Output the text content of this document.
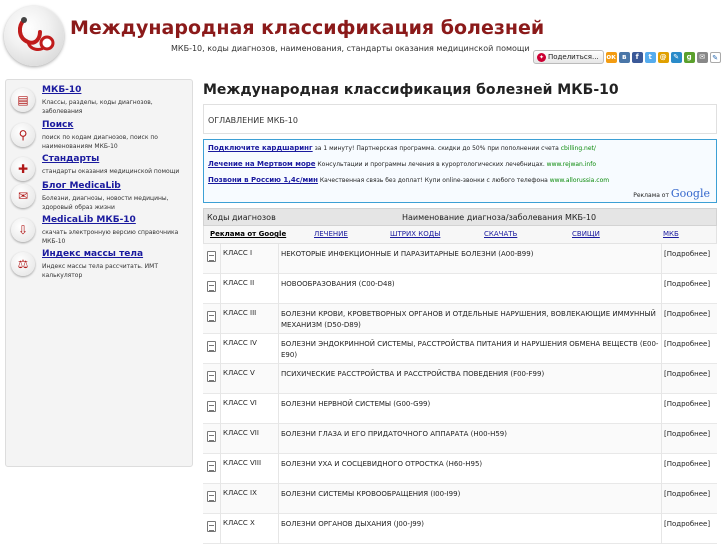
Международная классификация болезней
МКБ-10, коды диагнозов, наименования, стандарты оказания медицинской помощи
✦ Поделиться... ок в	f	t	@ ✎	g	✉	✎
▤
МКБ-10
Классы, разделы, коды диагнозов, заболевания
⚲
Поиск
поиск по кодам диагнозов, поиск по наименованиям МКБ-10
✚
Стандарты
стандарты оказания медицинской помощи
✉
Блог MedicaLib
Болезни, диагнозы, новости медицины, здоровый образ жизни
⇩
MedicaLib МКБ-10
скачать электронную версию справочника МКБ-10
⚖
Индекс массы тела
Индекс массы тела рассчитать. ИМТ калькулятор
Международная классификация болезней МКБ-10
ОГЛАВЛЕНИЕ МКБ-10
Подключите кардшаринг за 1 минуту! Партнерская программа. скидки до 50% при пополнении счета cbilling.net/
Лечение на Мертвом море Консультации и программы лечения в курортологических лечебницах. www.rejwan.info
Позвони в Россию 1,4с/мин Качественная связь без доплат! Купи online-звонки с любого телефона www.allorussia.com
Реклама от Google
Коды диагнозов	Наименование диагноза/заболевания МКБ-10
Реклама от Google	ЛЕЧЕНИЕ	ШТРИХ КОДЫ	СКАЧАТЬ	СВИЩИ	МКБ
КЛАСС I	НЕКОТОРЫЕ ИНФЕКЦИОННЫЕ И ПАРАЗИТАРНЫЕ БОЛЕЗНИ (A00-B99)	[Подробнее]
КЛАСС II	НОВООБРАЗОВАНИЯ (C00-D48)	[Подробнее]
КЛАСС III	БОЛЕЗНИ КРОВИ, КРОВЕТВОРНЫХ ОРГАНОВ И ОТДЕЛЬНЫЕ НАРУШЕНИЯ, ВОВЛЕКАЮЩИЕ ИММУННЫЙ МЕХАНИЗМ (D50-D89)
[Подробнее]
КЛАСС IV	БОЛЕЗНИ ЭНДОКРИННОЙ СИСТЕМЫ, РАССТРОЙСТВА ПИТАНИЯ И НАРУШЕНИЯ ОБМЕНА ВЕЩЕСТВ (E00-E90)
[Подробнее]
КЛАСС V	ПСИХИЧЕСКИЕ РАССТРОЙСТВА И РАССТРОЙСТВА ПОВЕДЕНИЯ (F00-F99)	[Подробнее]
КЛАСС VI	БОЛЕЗНИ НЕРВНОЙ СИСТЕМЫ (G00-G99)	[Подробнее]
КЛАСС VII	БОЛЕЗНИ ГЛАЗА И ЕГО ПРИДАТОЧНОГО АППАРАТА (H00-H59)	[Подробнее]
КЛАСС VIII	БОЛЕЗНИ УХА И СОСЦЕВИДНОГО ОТРОСТКА (H60-H95)	[Подробнее]
КЛАСС IX	БОЛЕЗНИ СИСТЕМЫ КРОВООБРАЩЕНИЯ (I00-I99)	[Подробнее]
КЛАСС X	БОЛЕЗНИ ОРГАНОВ ДЫХАНИЯ (J00-J99)	[Подробнее]
